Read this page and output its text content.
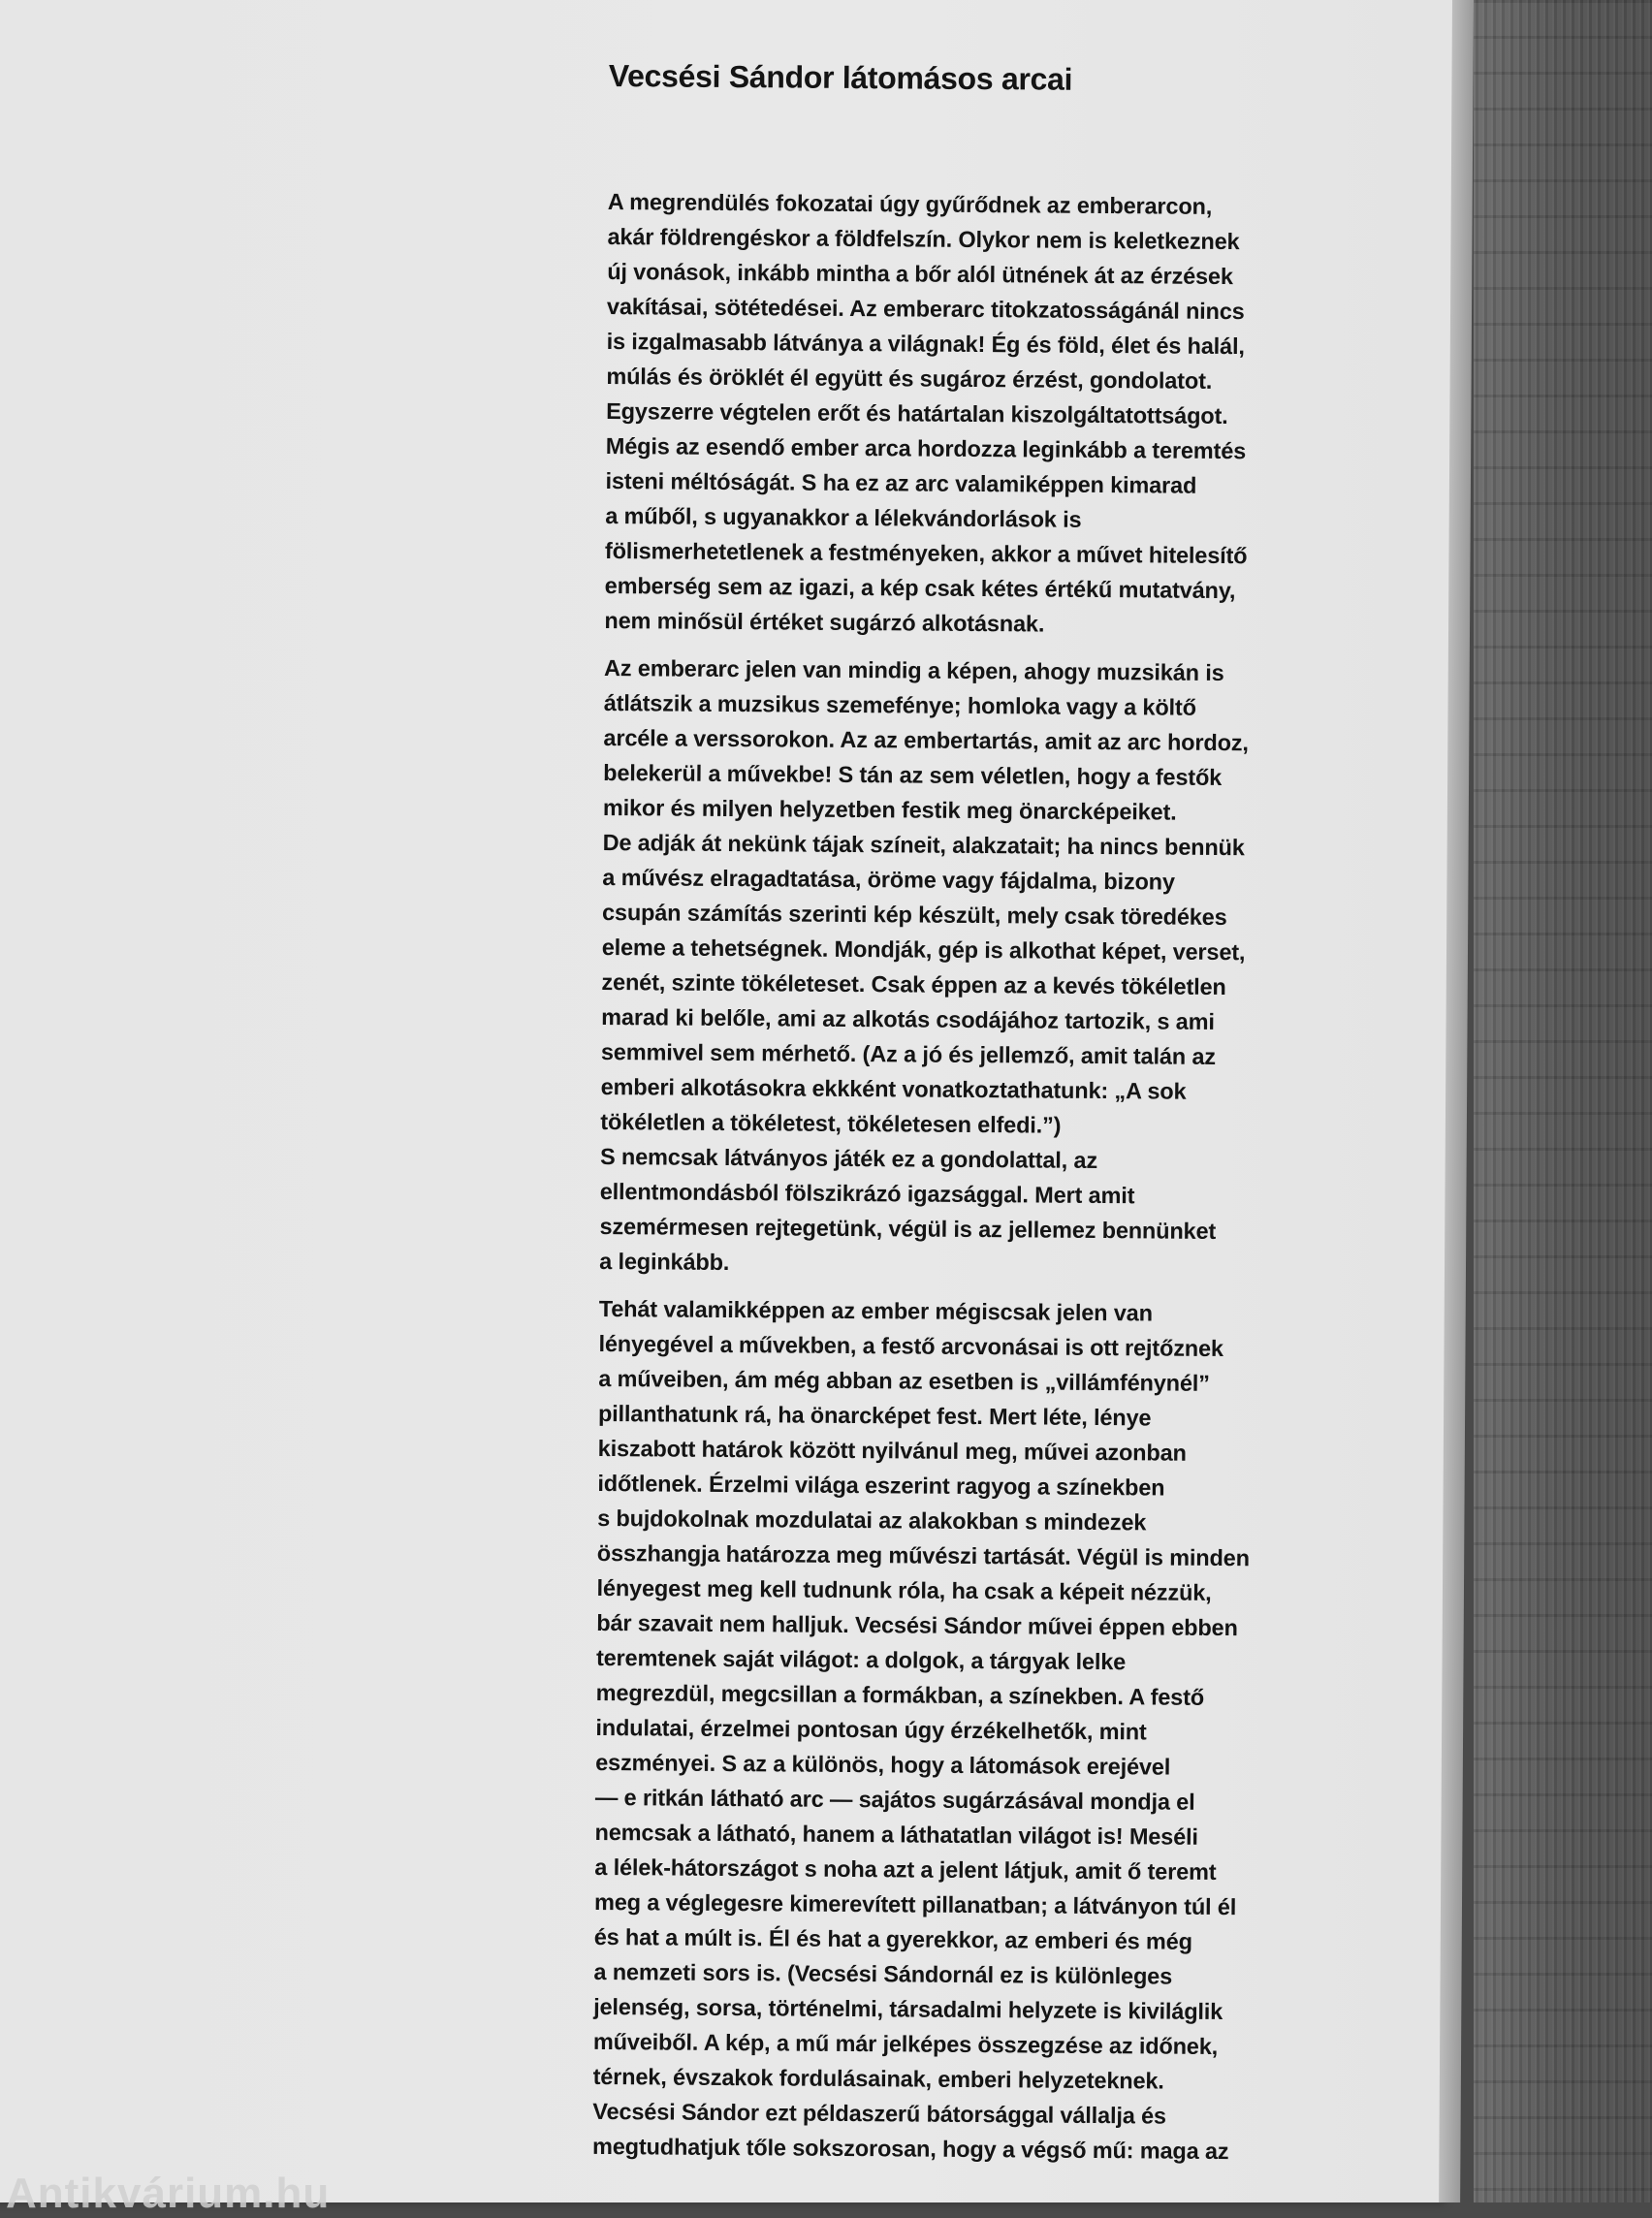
Vecsési Sándor látomásos arcai
A megrendülés fokozatai úgy gyűrődnek az emberarcon,
akár földrengéskor a földfelszín. Olykor nem is keletkeznek
új vonások, inkább mintha a bőr alól ütnének át az érzések
vakításai, sötétedései. Az emberarc titokzatosságánál nincs
is izgalmasabb látványa a világnak! Ég és föld, élet és halál,
múlás és öröklét él együtt és sugároz érzést, gondolatot.
Egyszerre végtelen erőt és határtalan kiszolgáltatottságot.
Mégis az esendő ember arca hordozza leginkább a teremtés
isteni méltóságát. S ha ez az arc valamiképpen kimarad
a műből, s ugyanakkor a lélekvándorlások is
fölismerhetetlenek a festményeken, akkor a művet hitelesítő
emberség sem az igazi, a kép csak kétes értékű mutatvány,
nem minősül értéket sugárzó alkotásnak.
Az emberarc jelen van mindig a képen, ahogy muzsikán is
átlátszik a muzsikus szemefénye; homloka vagy a költő
arcéle a verssorokon. Az az embertartás, amit az arc hordoz,
belekerül a művekbe! S tán az sem véletlen, hogy a festők
mikor és milyen helyzetben festik meg önarcképeiket.
De adják át nekünk tájak színeit, alakzatait; ha nincs bennük
a művész elragadtatása, öröme vagy fájdalma, bizony
csupán számítás szerinti kép készült, mely csak töredékes
eleme a tehetségnek. Mondják, gép is alkothat képet, verset,
zenét, szinte tökéleteset. Csak éppen az a kevés tökéletlen
marad ki belőle, ami az alkotás csodájához tartozik, s ami
semmivel sem mérhető. (Az a jó és jellemző, amit talán az
emberi alkotásokra ekkként vonatkoztathatunk: „A sok
tökéletlen a tökéletest, tökéletesen elfedi.”)
S nemcsak látványos játék ez a gondolattal, az
ellentmondásból fölszikrázó igazsággal. Mert amit
szemérmesen rejtegetünk, végül is az jellemez bennünket
a leginkább.
Tehát valamikképpen az ember mégiscsak jelen van
lényegével a művekben, a festő arcvonásai is ott rejtőznek
a műveiben, ám még abban az esetben is „villámfénynél”
pillanthatunk rá, ha önarcképet fest. Mert léte, lénye
kiszabott határok között nyilvánul meg, művei azonban
időtlenek. Érzelmi világa eszerint ragyog a színekben
s bujdokolnak mozdulatai az alakokban s mindezek
összhangja határozza meg művészi tartását. Végül is minden
lényegest meg kell tudnunk róla, ha csak a képeit nézzük,
bár szavait nem halljuk. Vecsési Sándor művei éppen ebben
teremtenek saját világot: a dolgok, a tárgyak lelke
megrezdül, megcsillan a formákban, a színekben. A festő
indulatai, érzelmei pontosan úgy érzékelhetők, mint
eszményei. S az a különös, hogy a látomások erejével
— e ritkán látható arc — sajátos sugárzásával mondja el
nemcsak a látható, hanem a láthatatlan világot is! Meséli
a lélek-hátországot s noha azt a jelent látjuk, amit ő teremt
meg a véglegesre kimerevített pillanatban; a látványon túl él
és hat a múlt is. Él és hat a gyerekkor, az emberi és még
a nemzeti sors is. (Vecsési Sándornál ez is különleges
jelenség, sorsa, történelmi, társadalmi helyzete is kiviláglik
műveiből. A kép, a mű már jelképes összegzése az időnek,
térnek, évszakok fordulásainak, emberi helyzeteknek.
Vecsési Sándor ezt példaszerű bátorsággal vállalja és
megtudhatjuk tőle sokszorosan, hogy a végső mű: maga az
Antikvárium.hu
